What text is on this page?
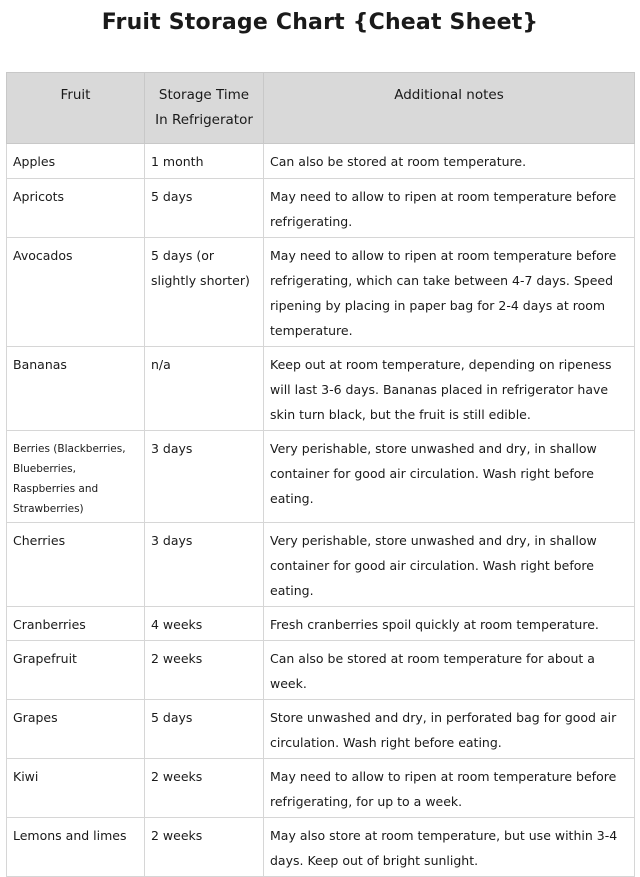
Fruit Storage Chart {Cheat Sheet}
Fruit	Storage Time In Refrigerator	Additional notes
Apples	1 month	Can also be stored at room temperature.
Apricots	5 days	May need to allow to ripen at room temperature before refrigerating.
Avocados	5 days (or slightly shorter)	May need to allow to ripen at room temperature before refrigerating, which can take between 4-7 days. Speed ripening by placing in paper bag for 2-4 days at room temperature.
Bananas	n/a	Keep out at room temperature, depending on ripeness will last 3-6 days. Bananas placed in refrigerator have skin turn black, but the fruit is still edible.
Berries (Blackberries, Blueberries, Raspberries and Strawberries)	3 days	Very perishable, store unwashed and dry, in shallow container for good air circulation. Wash right before eating.
Cherries	3 days	Very perishable, store unwashed and dry, in shallow container for good air circulation. Wash right before eating.
Cranberries	4 weeks	Fresh cranberries spoil quickly at room temperature.
Grapefruit	2 weeks	Can also be stored at room temperature for about a week.
Grapes	5 days	Store unwashed and dry, in perforated bag for good air circulation. Wash right before eating.
Kiwi	2 weeks	May need to allow to ripen at room temperature before refrigerating, for up to a week.
Lemons and limes	2 weeks	May also store at room temperature, but use within 3-4 days. Keep out of bright sunlight.
